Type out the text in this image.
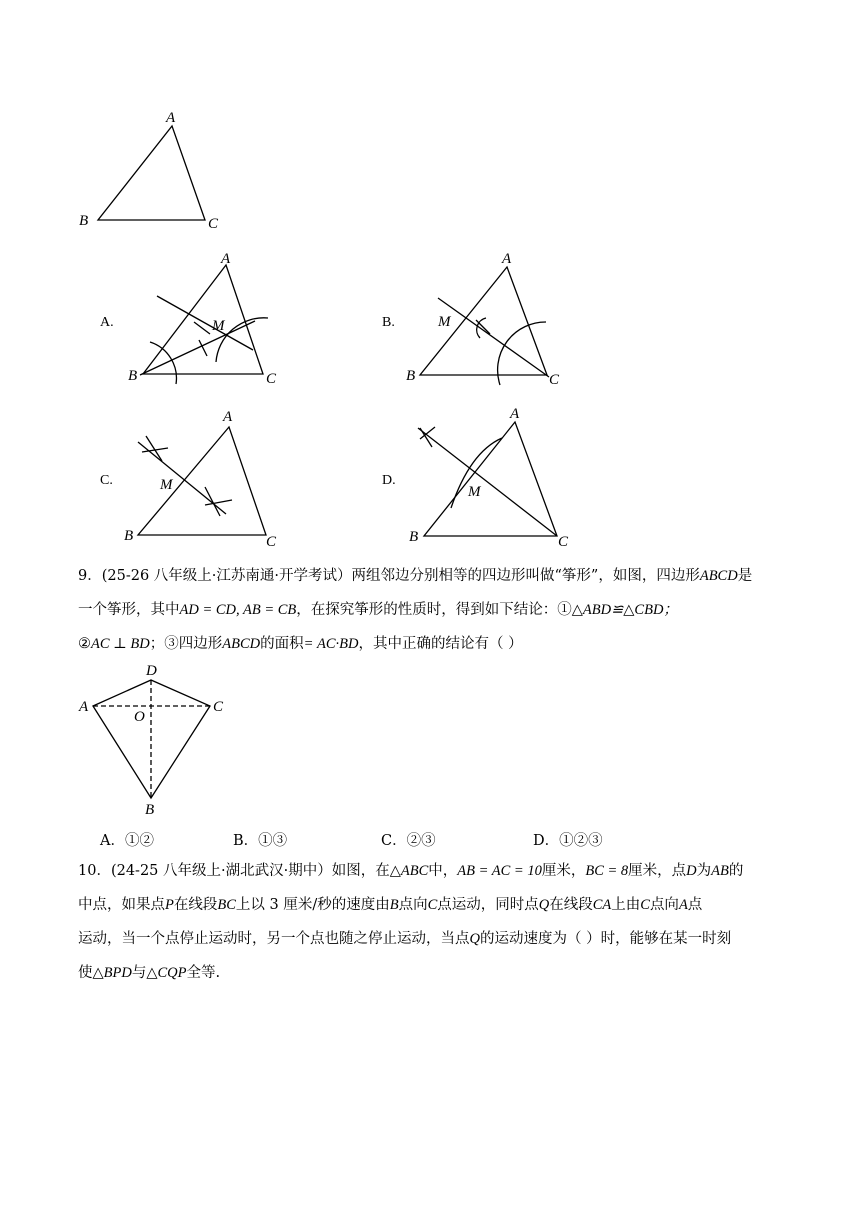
A.	B.
C.	D.
A
B	C
A
B	C
M
A
B	C
M
A
B	C
M
A
B	C
M
D
A	C
O
B
9．(25-26 八年级上·江苏南通·开学考试）两组邻边分别相等的四边形叫做“筝形”，如图，四边形ABCD是
一个筝形，其中AD = CD, AB = CB，在探究筝形的性质时，得到如下结论：①△ABD≌△CBD；
②AC ⊥ BD；③四边形ABCD的面积= AC·BD，其中正确的结论有（ ）
A．①②	B．①③	C．②③	D．①②③
10．(24-25 八年级上·湖北武汉·期中）如图，在△ABC中，AB = AC = 10厘米，BC = 8厘米，点D为AB的
中点，如果点P在线段BC上以 3 厘米/秒的速度由B点向C点运动，同时点Q在线段CA上由C点向A点
运动，当一个点停止运动时，另一个点也随之停止运动，当点Q的运动速度为（ ）时，能够在某一时刻
使△BPD与△CQP全等.
